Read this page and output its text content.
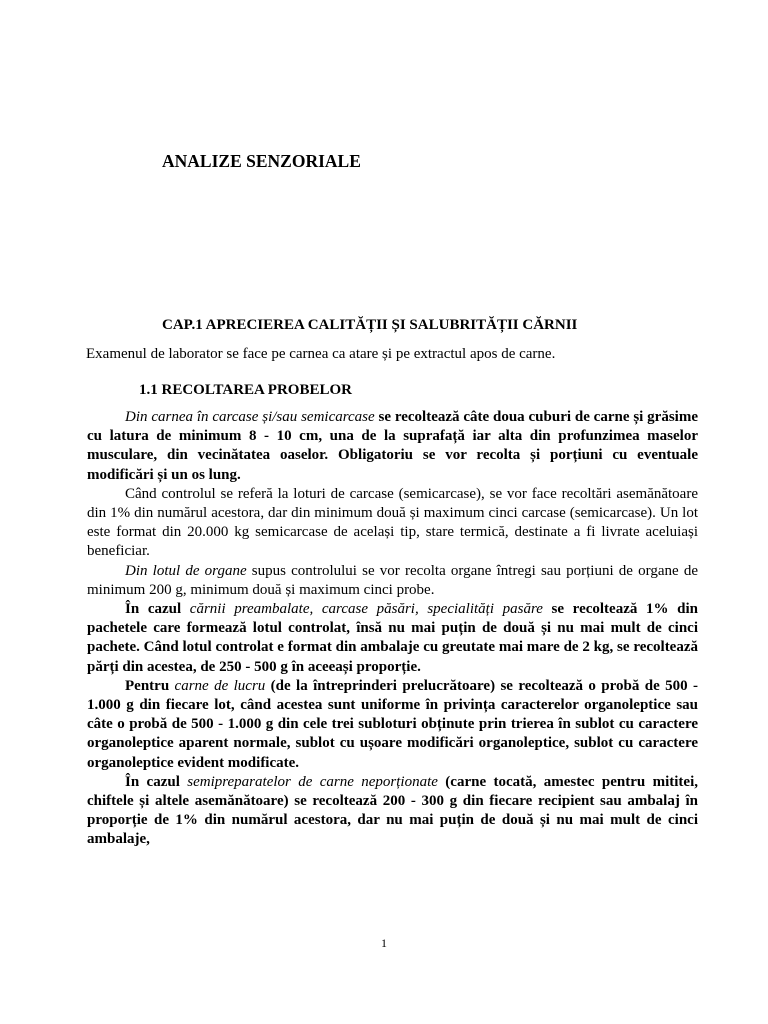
ANALIZE SENZORIALE
CAP.1 APRECIEREA CALITĂȚII ȘI SALUBRITĂȚII CĂRNII

Examenul de laborator se face pe carnea ca atare și pe extractul apos de carne.

1.1 RECOLTAREA PROBELOR

Din carnea în carcase și/sau semicarcase se recoltează câte doua cuburi de carne și grăsime cu latura de minimum 8 - 10 cm, una de la suprafață iar alta din profunzimea maselor musculare, din vecinătatea oaselor. Obligatoriu se vor recolta și porțiuni cu eventuale modificări și un os lung.

Când controlul se referă la loturi de carcase (semicarcase), se vor face recoltări asemănătoare din 1% din numărul acestora, dar din minimum două și maximum cinci carcase (semicarcase). Un lot este format din 20.000 kg semicarcase de același tip, stare termică, destinate a fi livrate aceluiași beneficiar.

Din lotul de organe supus controlului se vor recolta organe întregi sau porțiuni de organe de minimum 200 g, minimum două și maximum cinci probe.

În cazul cărnii preambalate, carcase păsări, specialități pasăre se recoltează 1% din pachetele care formează lotul controlat, însă nu mai puțin de două și nu mai mult de cinci pachete. Când lotul controlat e format din ambalaje cu greutate mai mare de 2 kg, se recoltează părți din acestea, de 250 - 500 g în aceeași proporție.

Pentru carne de lucru (de la întreprinderi prelucrătoare) se recoltează o probă de 500 - 1.000 g din fiecare lot, când acestea sunt uniforme în privința caracterelor organoleptice sau câte o probă de 500 - 1.000 g din cele trei subloturi obținute prin trierea în sublot cu caractere organoleptice aparent normale, sublot cu ușoare modificări organoleptice, sublot cu caractere organoleptice evident modificate.

În cazul semipreparatelor de carne neporționate (carne tocată, amestec pentru mititei, chiftele și altele asemănătoare) se recoltează 200 - 300 g din fiecare recipient sau ambalaj în proporție de 1% din numărul acestora, dar nu mai puțin de două și nu mai mult de cinci ambalaje,

1
